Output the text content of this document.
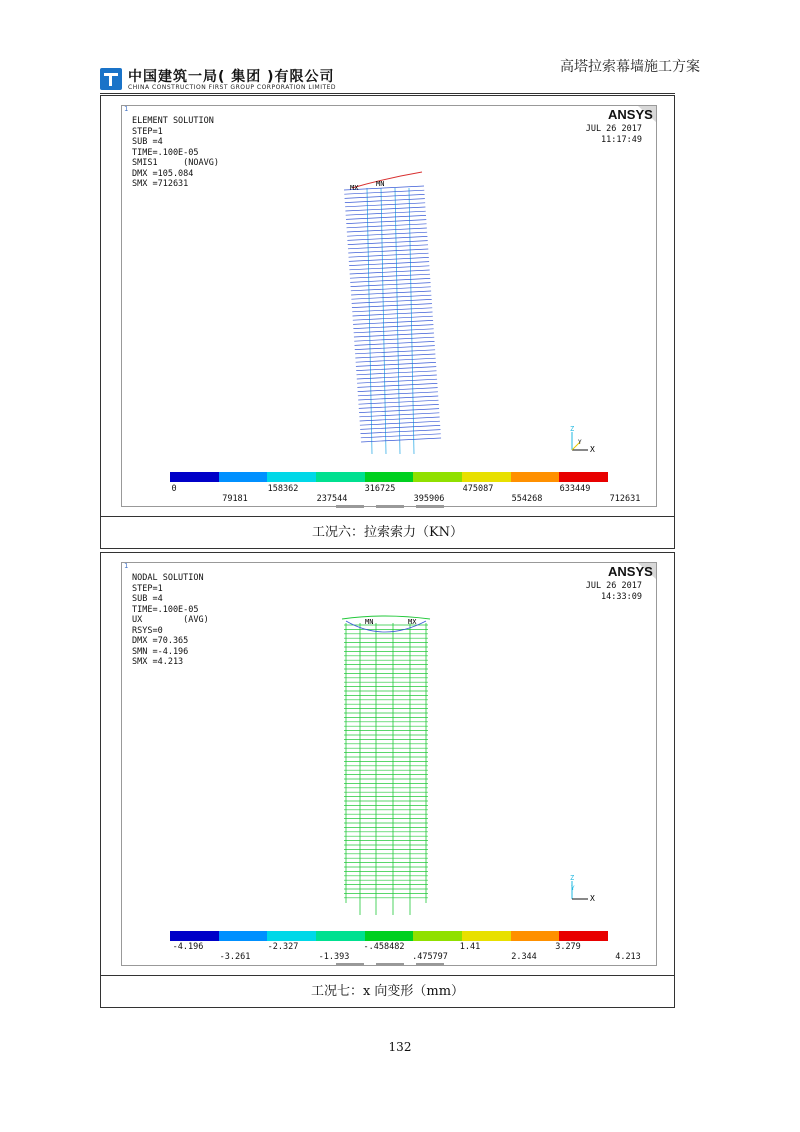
高塔拉索幕墙施工方案
中国建筑一局( 集团 )有限公司
CHINA CONSTRUCTION FIRST GROUP CORPORATION LIMITED
1
ELEMENT SOLUTION
STEP=1
SUB =4
TIME=.100E-05
SMIS1     (NOAVG)
DMX =105.084
SMX =712631
ANSYS
JUL 26 2017
11:17:49
MX	MN
Z
Y
X
0	158362	316725	475087	633449
79181	237544	395906	554268	712631
工况六：拉索索力（KN）
1
NODAL SOLUTION
STEP=1
SUB =4
TIME=.100E-05
UX        (AVG)
RSYS=0
DMX =70.365
SMN =-4.196
SMX =4.213
ANSYS
JUL 26 2017
14:33:09
MN	MX
Z
Y
X
-4.196	-2.327	-.458482	1.41	3.279
-3.261	-1.393	.475797	2.344	4.213
工况七：x 向变形（mm）
132
